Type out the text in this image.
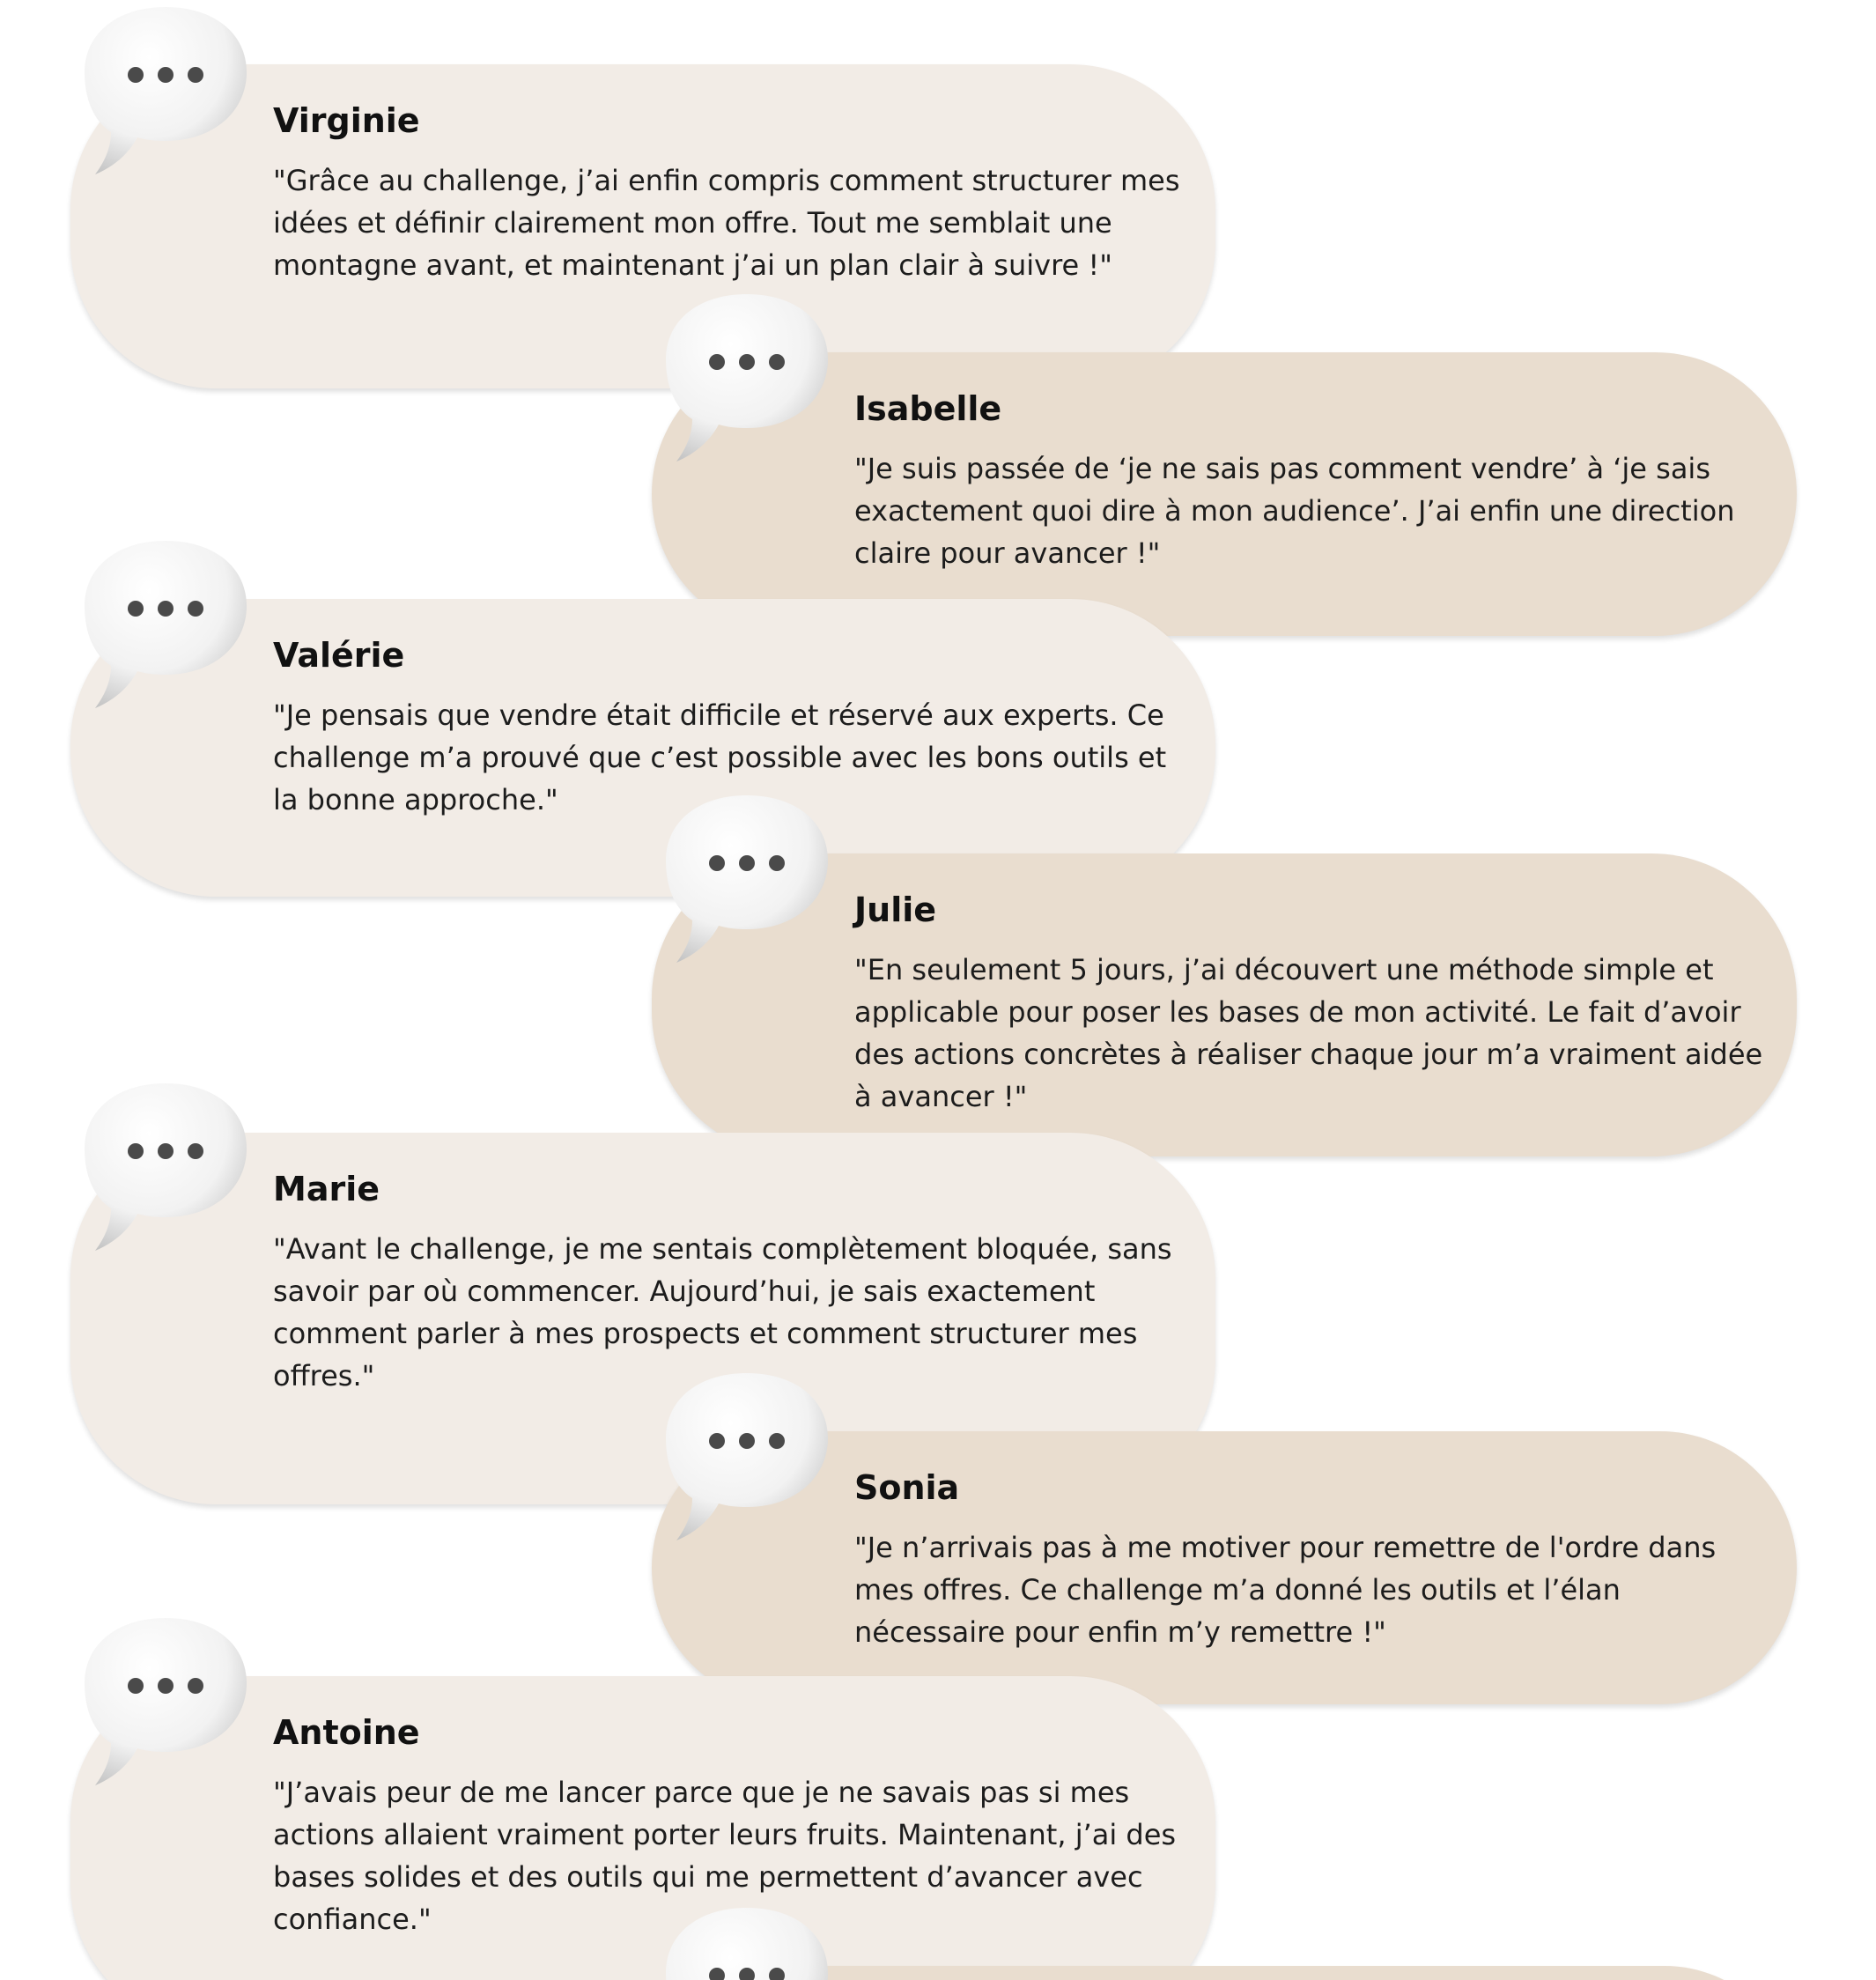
Virginie

"Grâce au challenge, j’ai enfin compris comment structurer mes idées et définir clairement mon offre. Tout me semblait une montagne avant, et maintenant j’ai un plan clair à suivre !"

Isabelle

"Je suis passée de ‘je ne sais pas comment vendre’ à ‘je sais exactement quoi dire à mon audience’. J’ai enfin une direction claire pour avancer !"

Valérie

"Je pensais que vendre était difficile et réservé aux experts. Ce challenge m’a prouvé que c’est possible avec les bons outils et la bonne approche."

Julie

"En seulement 5 jours, j’ai découvert une méthode simple et applicable pour poser les bases de mon activité. Le fait d’avoir des actions concrètes à réaliser chaque jour m’a vraiment aidée à avancer !"

Marie

"Avant le challenge, je me sentais complètement bloquée, sans savoir par où commencer. Aujourd’hui, je sais exactement comment parler à mes prospects et comment structurer mes offres."

Sonia

"Je n’arrivais pas à me motiver pour remettre de l'ordre dans mes offres. Ce challenge m’a donné les outils et l’élan nécessaire pour enfin m’y remettre !"

Antoine

"J’avais peur de me lancer parce que je ne savais pas si mes actions allaient vraiment porter leurs fruits. Maintenant, j’ai des bases solides et des outils qui me permettent d’avancer avec confiance."
